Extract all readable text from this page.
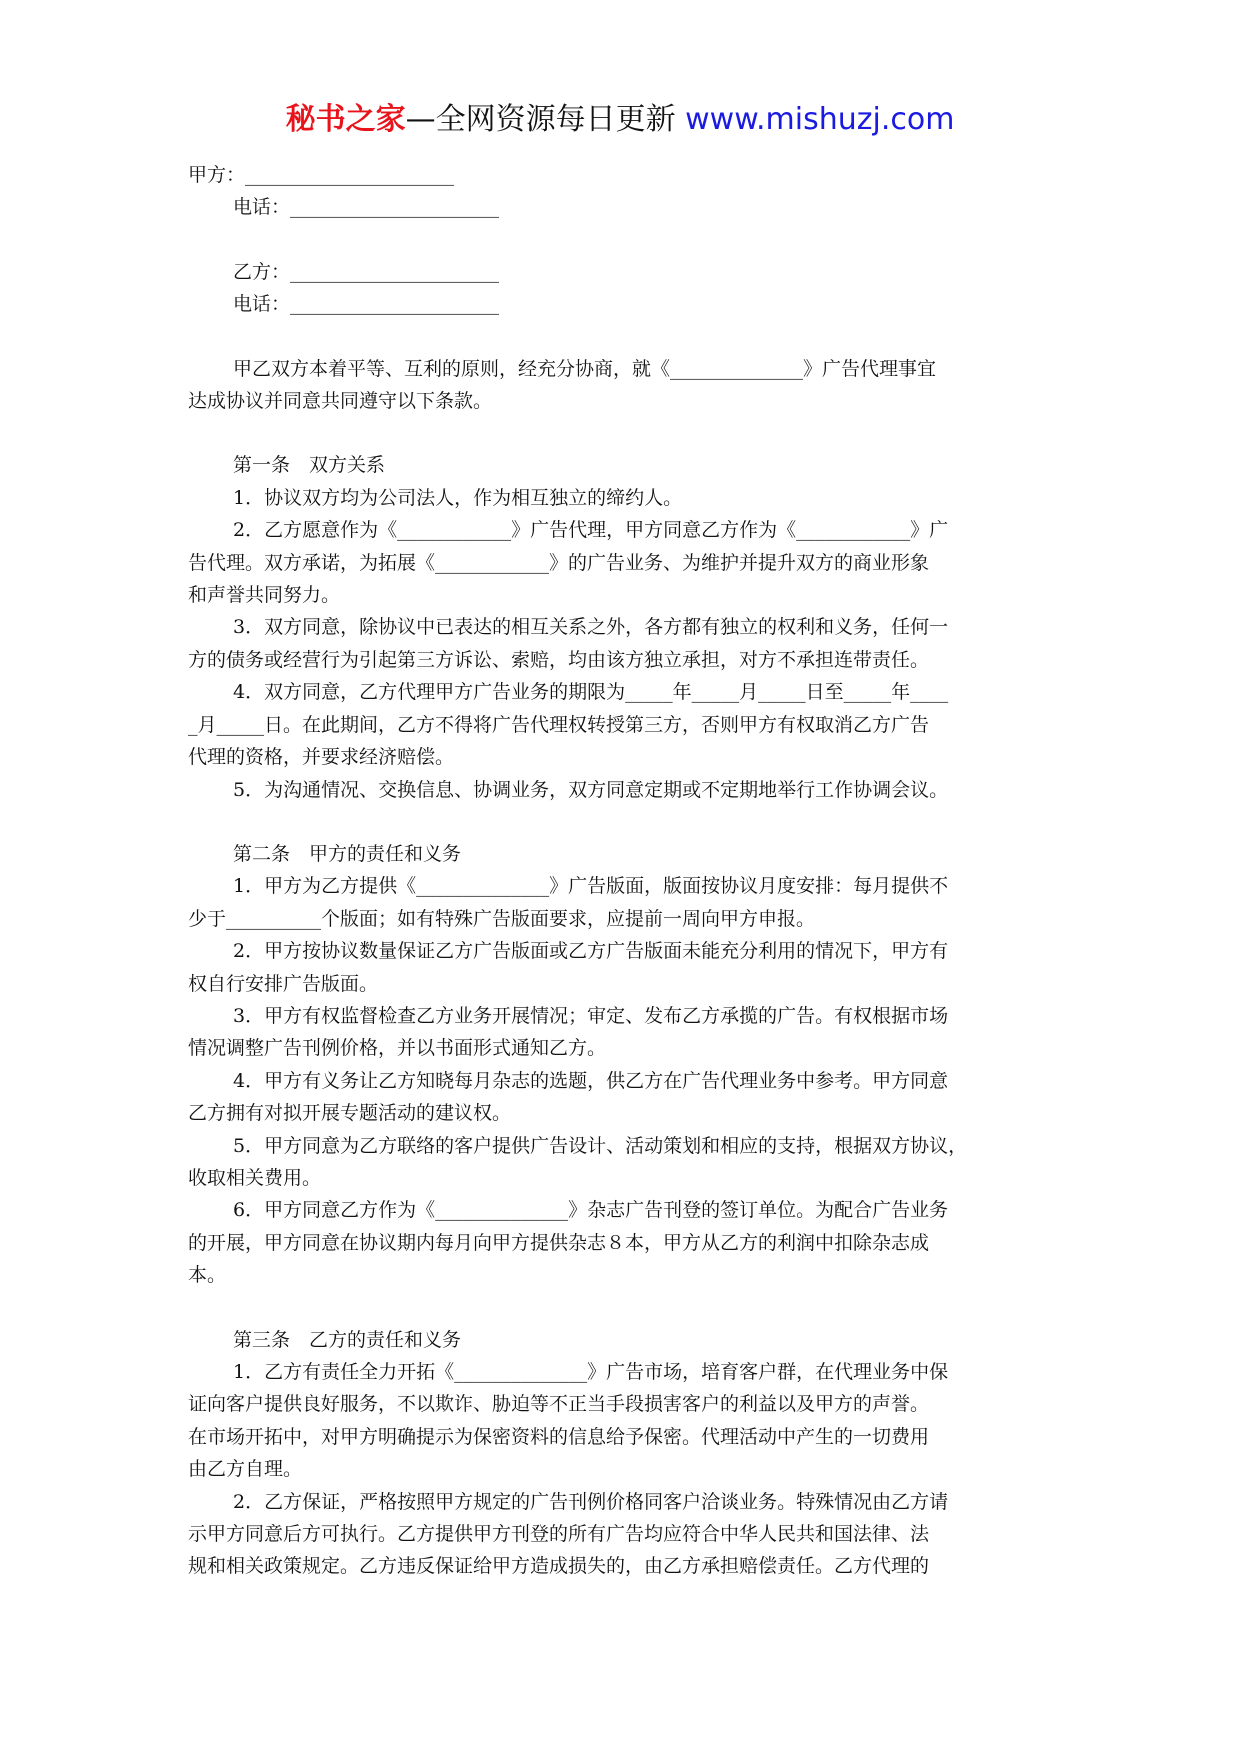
秘书之家—全网资源每日更新 www.mishuzj.com

甲方：______________________

电话：______________________

乙方：______________________

电话：______________________

甲乙双方本着平等、互利的原则，经充分协商，就《______________》广告代理事宜

达成协议并同意共同遵守以下条款。

第一条　双方关系

1．协议双方均为公司法人，作为相互独立的缔约人。

2．乙方愿意作为《____________》广告代理，甲方同意乙方作为《____________》广

告代理。双方承诺，为拓展《____________》的广告业务、为维护并提升双方的商业形象

和声誉共同努力。

3．双方同意，除协议中已表达的相互关系之外，各方都有独立的权利和义务，任何一

方的债务或经营行为引起第三方诉讼、索赔，均由该方独立承担，对方不承担连带责任。

4．双方同意，乙方代理甲方广告业务的期限为_____年_____月_____日至_____年____

_月_____日。在此期间，乙方不得将广告代理权转授第三方，否则甲方有权取消乙方广告

代理的资格，并要求经济赔偿。

5．为沟通情况、交换信息、协调业务，双方同意定期或不定期地举行工作协调会议。

第二条　甲方的责任和义务

1．甲方为乙方提供《______________》广告版面，版面按协议月度安排：每月提供不

少于__________个版面；如有特殊广告版面要求，应提前一周向甲方申报。

2．甲方按协议数量保证乙方广告版面或乙方广告版面未能充分利用的情况下，甲方有

权自行安排广告版面。

3．甲方有权监督检查乙方业务开展情况；审定、发布乙方承揽的广告。有权根据市场

情况调整广告刊例价格，并以书面形式通知乙方。

4．甲方有义务让乙方知晓每月杂志的选题，供乙方在广告代理业务中参考。甲方同意

乙方拥有对拟开展专题活动的建议权。

5．甲方同意为乙方联络的客户提供广告设计、活动策划和相应的支持，根据双方协议，

收取相关费用。

6．甲方同意乙方作为《______________》杂志广告刊登的签订单位。为配合广告业务

的开展，甲方同意在协议期内每月向甲方提供杂志８本，甲方从乙方的利润中扣除杂志成

本。

第三条　乙方的责任和义务

1．乙方有责任全力开拓《______________》广告市场，培育客户群，在代理业务中保

证向客户提供良好服务，不以欺诈、胁迫等不正当手段损害客户的利益以及甲方的声誉。

在市场开拓中，对甲方明确提示为保密资料的信息给予保密。代理活动中产生的一切费用

由乙方自理。

2．乙方保证，严格按照甲方规定的广告刊例价格同客户洽谈业务。特殊情况由乙方请

示甲方同意后方可执行。乙方提供甲方刊登的所有广告均应符合中华人民共和国法律、法

规和相关政策规定。乙方违反保证给甲方造成损失的，由乙方承担赔偿责任。乙方代理的
